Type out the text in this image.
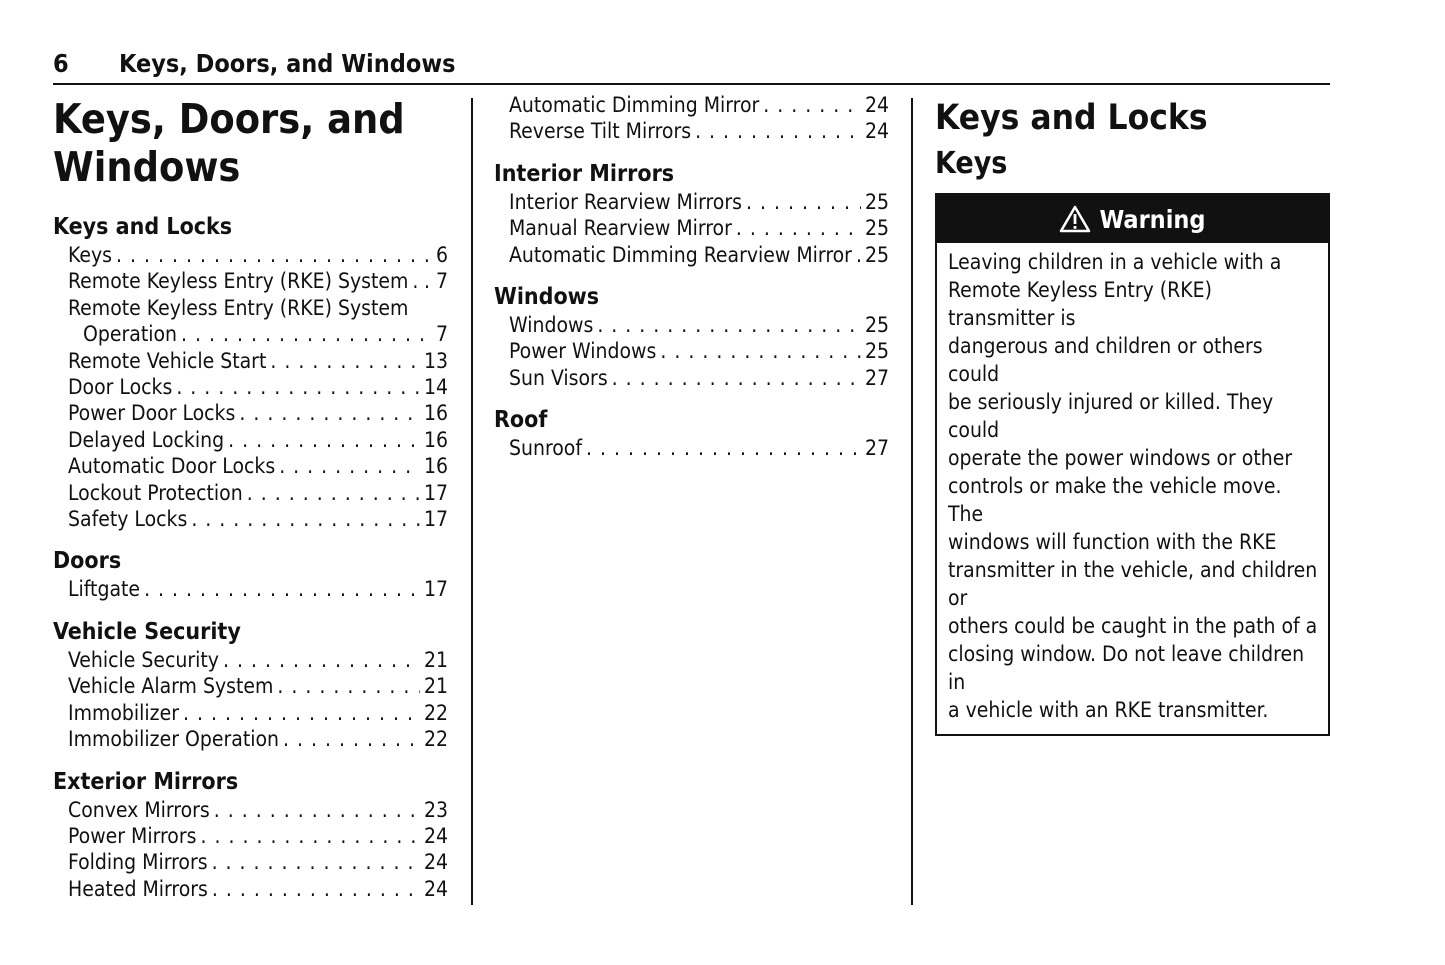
6 Keys, Doors, and Windows
Keys, Doors, and
Windows
Keys and Locks
Keys . . .	6
Remote Keyless Entry (RKE) System . . . . 7
Remote Keyless Entry (RKE) System
Operation . . .	7
Remote Vehicle Start . . .	13
Door Locks . . .	14
Power Door Locks . . .	16
Delayed Locking . . .	16
Automatic Door Locks . . .	16
Lockout Protection . . .	17
Safety Locks . . .	17
Doors
Liftgate . . .	17
Vehicle Security
Vehicle Security . . .	21
Vehicle Alarm System . . .	21
Immobilizer . . .	22
Immobilizer Operation . . .	22
Exterior Mirrors
Convex Mirrors . . .	23
Power Mirrors . . .	24
Folding Mirrors . . .	24
Heated Mirrors . . .	24
Automatic Dimming Mirror . . .	24
Reverse Tilt Mirrors . . .	24
Interior Mirrors
Interior Rearview Mirrors . . .	25
Manual Rearview Mirror . . .	25
Automatic Dimming Rearview Mirror . . . 25
Windows
Windows . . .	25
Power Windows . . .	25
Sun Visors . . .	27
Roof
Sunroof . . .	27
Keys and Locks
Keys
Warning
Leaving children in a vehicle with a
Remote Keyless Entry (RKE) transmitter is
dangerous and children or others could
be seriously injured or killed. They could
operate the power windows or other
controls or make the vehicle move. The
windows will function with the RKE
transmitter in the vehicle, and children or
others could be caught in the path of a
closing window. Do not leave children in
a vehicle with an RKE transmitter.
